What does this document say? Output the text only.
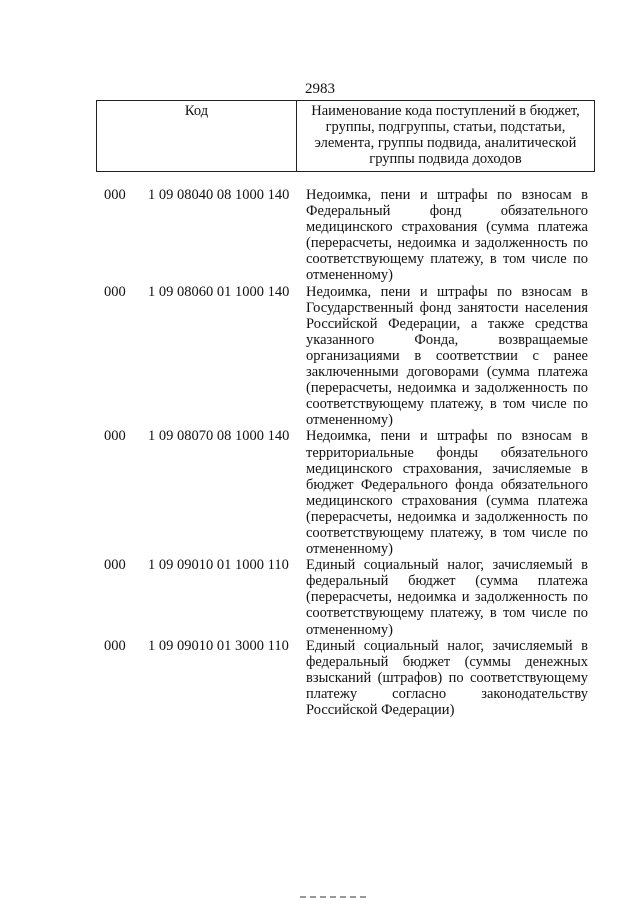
2983
Код	Наименование кода поступлений в бюджет, группы, подгруппы, статьи, подстатьи, элемента, группы подвида, аналитической группы подвида доходов
000	1 09 08040 08 1000 140	Недоимка, пени и штрафы по взносам в
Федеральный фонд обязательного
медицинского страхования (сумма платежа
(перерасчеты, недоимка и задолженность по
соответствующему платежу, в том числе по
отмененному)
000	1 09 08060 01 1000 140	Недоимка, пени и штрафы по взносам в
Государственный фонд занятости населения
Российской Федерации, а также средства
указанного Фонда, возвращаемые
организациями в соответствии с ранее
заключенными договорами (сумма платежа
(перерасчеты, недоимка и задолженность по
соответствующему платежу, в том числе по
отмененному)
000	1 09 08070 08 1000 140	Недоимка, пени и штрафы по взносам в
территориальные фонды обязательного
медицинского страхования, зачисляемые в
бюджет Федерального фонда обязательного
медицинского страхования (сумма платежа
(перерасчеты, недоимка и задолженность по
соответствующему платежу, в том числе по
отмененному)
000	1 09 09010 01 1000 110	Единый социальный налог, зачисляемый в
федеральный бюджет (сумма платежа
(перерасчеты, недоимка и задолженность по
соответствующему платежу, в том числе по
отмененному)
000	1 09 09010 01 3000 110	Единый социальный налог, зачисляемый в
федеральный бюджет (суммы денежных
взысканий (штрафов) по соответствующему
платежу согласно законодательству
Российской Федерации)
